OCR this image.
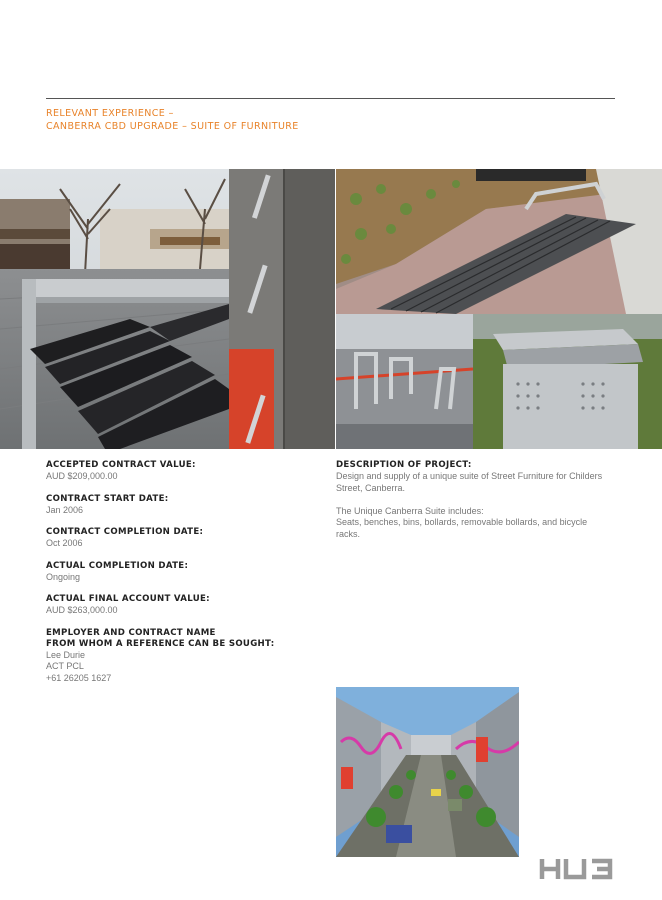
RELEVANT EXPERIENCE –
CANBERRA CBD UPGRADE – SUITE OF FURNITURE
ACCEPTED CONTRACT VALUE:
AUD $209,000.00
CONTRACT START DATE:
Jan 2006
CONTRACT COMPLETION DATE:
Oct 2006
ACTUAL COMPLETION DATE:
Ongoing
ACTUAL FINAL ACCOUNT VALUE:
AUD $263,000.00
EMPLOYER AND CONTRACT NAME
FROM WHOM A REFERENCE CAN BE SOUGHT:
Lee Durie
ACT PCL
+61 26205 1627
DESCRIPTION OF PROJECT:

Design and supply of a unique suite of Street Furniture for Childers Street, Canberra.

The Unique Canberra Suite includes:
Seats, benches, bins, bollards, removable bollards, and bicycle racks.
